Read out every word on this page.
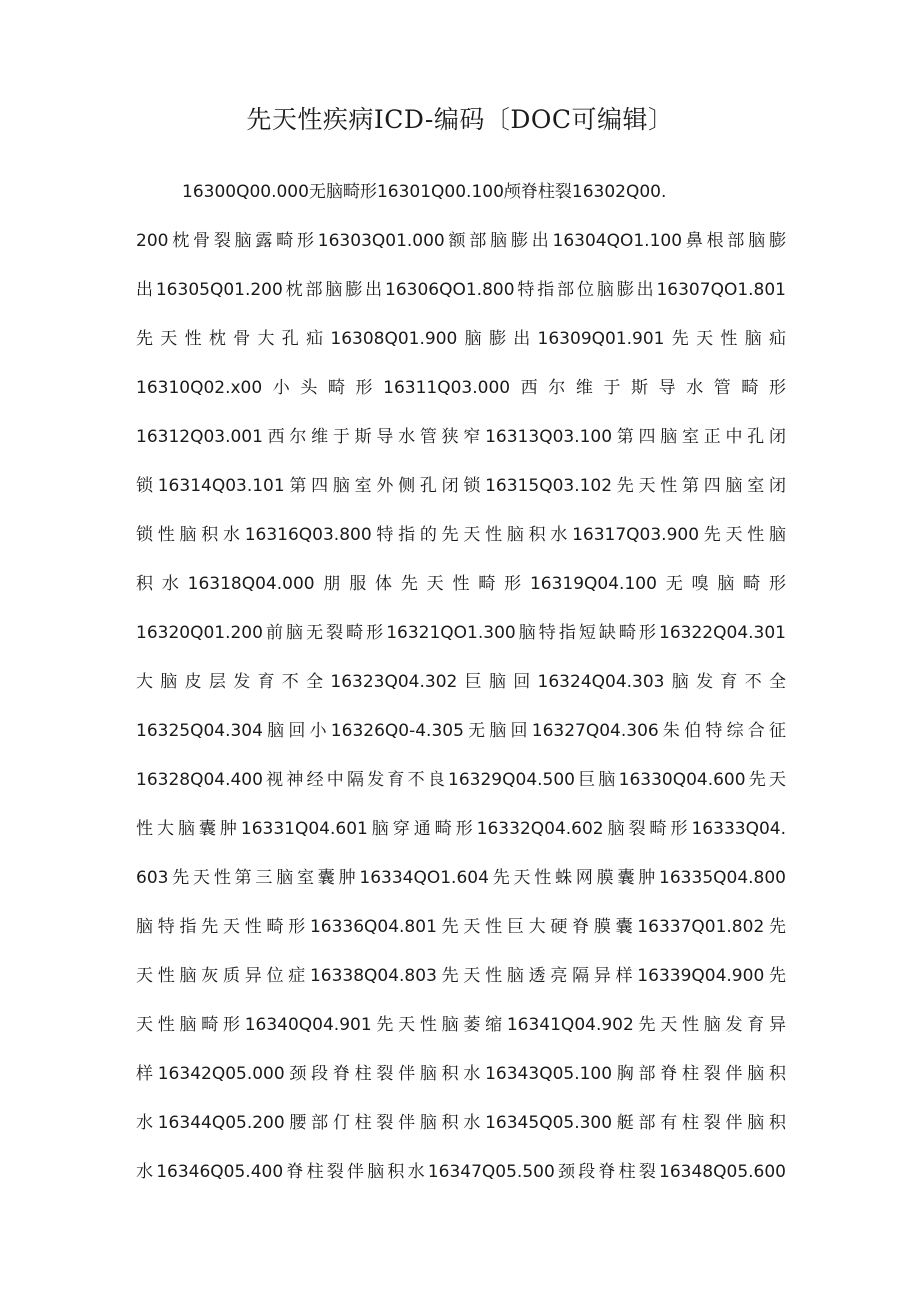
先天性疾病ICD-编码〔DOC可编辑〕
16300Q00.000无脑畸形16301Q00.100颅脊柱裂16302Q00.
200枕骨裂脑露畸形16303Q01.000额部脑膨出16304QO1.100鼻根部脑膨
出16305Q01.200枕部脑膨出16306QO1.800特指部位脑膨出16307QO1.801
先天性枕骨大孔疝16308Q01.900脑膨出16309Q01.901先天性脑疝
16310Q02.x00小头畸形16311Q03.000西尔维于斯导水管畸形
16312Q03.001西尔维于斯导水管狭窄16313Q03.100第四脑室正中孔闭
锁16314Q03.101第四脑室外侧孔闭锁16315Q03.102先天性第四脑室闭
锁性脑积水16316Q03.800特指的先天性脑积水16317Q03.900先天性脑
积水16318Q04.000朋服体先天性畸形16319Q04.100无嗅脑畸形
16320Q01.200前脑无裂畸形16321QO1.300脑特指短缺畸形16322Q04.301
大脑皮层发育不全16323Q04.302巨脑回16324Q04.303脑发育不全
16325Q04.304脑回小16326Q0-4.305无脑回16327Q04.306朱伯特综合征
16328Q04.400视神经中隔发育不良16329Q04.500巨脑16330Q04.600先天
性大脑囊肿16331Q04.601脑穿通畸形16332Q04.602脑裂畸形16333Q04.
603先天性第三脑室囊肿16334QO1.604先天性蛛网膜囊肿16335Q04.800
脑特指先天性畸形16336Q04.801先天性巨大硬脊膜囊16337Q01.802先
天性脑灰质异位症16338Q04.803先天性脑透亮隔异样16339Q04.900先
天性脑畸形16340Q04.901先天性脑萎缩16341Q04.902先天性脑发育异
样16342Q05.000颈段脊柱裂伴脑积水16343Q05.100胸部脊柱裂伴脑积
水16344Q05.200腰部仃柱裂伴脑积水16345Q05.300艇部有柱裂伴脑积
水16346Q05.400脊柱裂伴脑积水16347Q05.500颈段脊柱裂16348Q05.600
